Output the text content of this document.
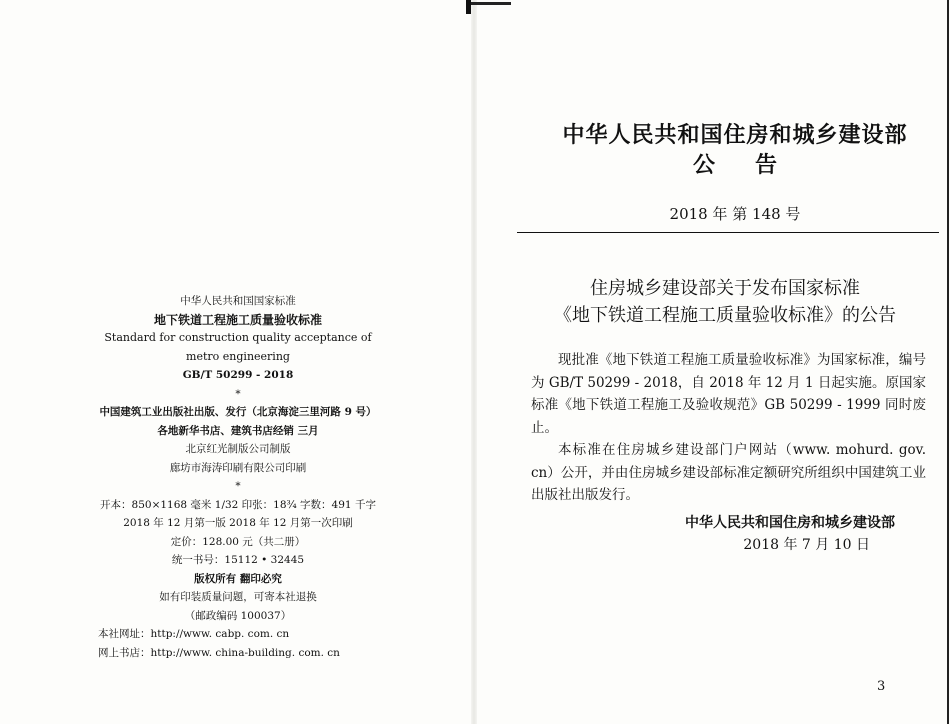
中华人民共和国国家标准
地下铁道工程施工质量验收标准
Standard for construction quality acceptance of
metro engineering
GB/T 50299 - 2018
*
中国建筑工业出版社出版、发行（北京海淀三里河路 9 号）
各地新华书店、建筑书店经销 三月
北京红光制版公司制版
廊坊市海涛印刷有限公司印刷
*
开本：850×1168 毫米 1/32 印张：18¾ 字数：491 千字
2018 年 12 月第一版 2018 年 12 月第一次印刷
定价：128.00 元（共二册）
统一书号：15112 • 32445
版权所有 翻印必究
如有印装质量问题，可寄本社退换
（邮政编码 100037）
本社网址：http://www. cabp. com. cn
网上书店：http://www. china-building. com. cn
中华人民共和国住房和城乡建设部
公告
2018 年 第 148 号
住房城乡建设部关于发布国家标准
《地下铁道工程施工质量验收标准》的公告
现批准《地下铁道工程施工质量验收标准》为国家标准，编号为 GB/T 50299 - 2018，自 2018 年 12 月 1 日起实施。原国家标准《地下铁道工程施工及验收规范》GB 50299 - 1999 同时废止。
本标准在住房城乡建设部门户网站（www. mohurd. gov. cn）公开，并由住房城乡建设部标准定额研究所组织中国建筑工业出版社出版发行。
中华人民共和国住房和城乡建设部
2018 年 7 月 10 日
3
